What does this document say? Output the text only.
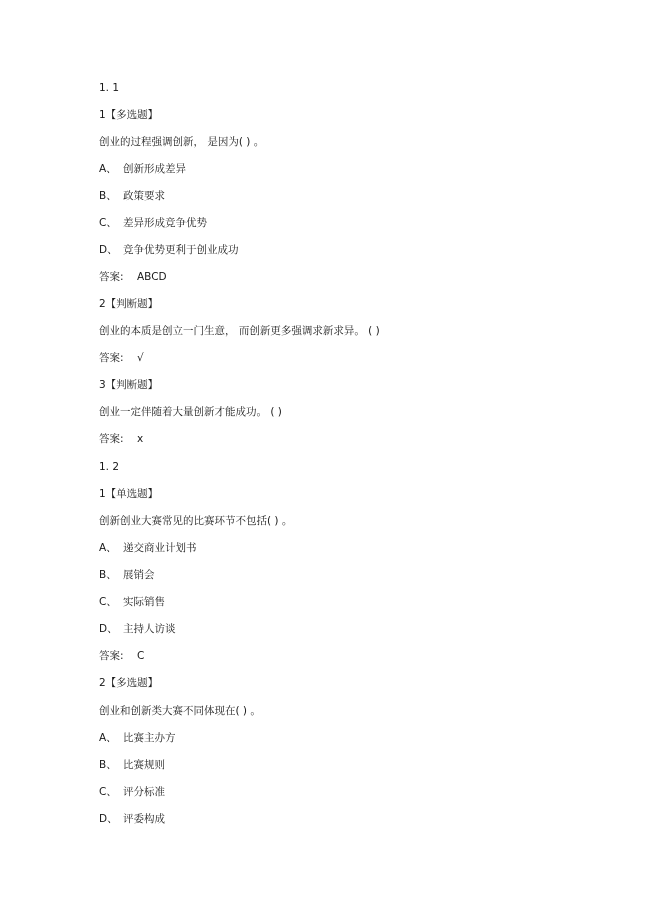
1. 1
1【多选题】
创业的过程强调创新， 是因为( ) 。
A、 创新形成差异
B、 政策要求
C、 差异形成竞争优势
D、 竞争优势更利于创业成功
答案: ABCD
2【判断题】
创业的本质是创立一门生意， 而创新更多强调求新求异。 ( )
答案: √
3【判断题】
创业一定伴随着大量创新才能成功。 ( )
答案: x
1. 2
1【单选题】
创新创业大赛常见的比赛环节不包括( ) 。
A、 递交商业计划书
B、 展销会
C、 实际销售
D、 主持人访谈
答案: C
2【多选题】
创业和创新类大赛不同体现在( ) 。
A、 比赛主办方
B、 比赛规则
C、 评分标准
D、 评委构成
